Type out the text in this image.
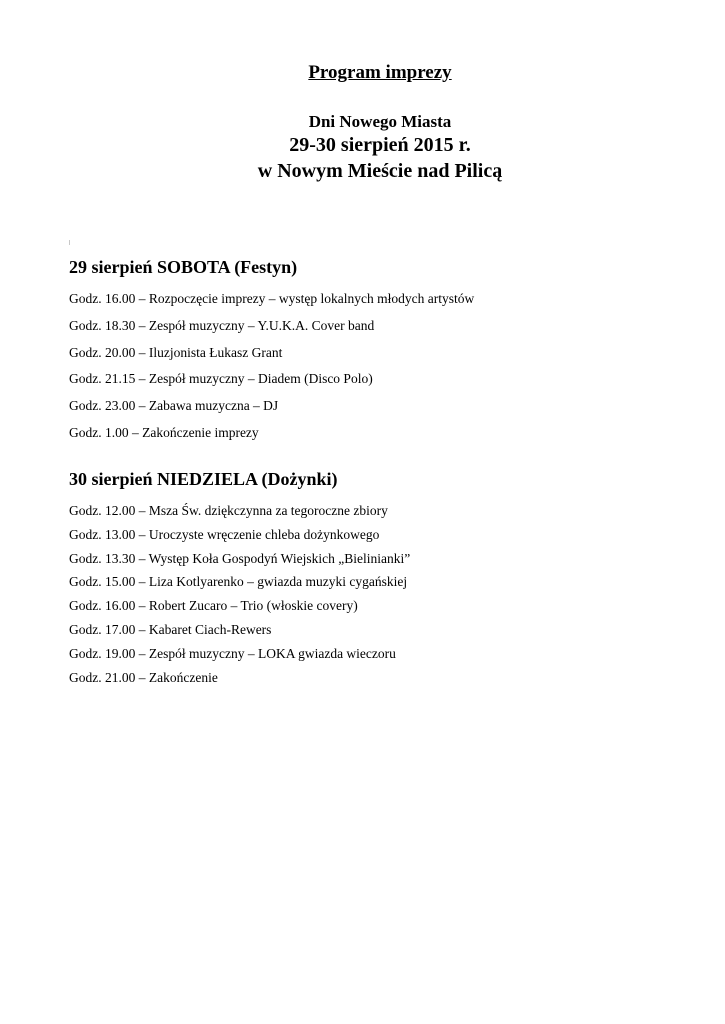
Program imprezy
Dni Nowego Miasta
29-30 sierpień 2015 r.
w Nowym Mieście nad Pilicą
29 sierpień SOBOTA (Festyn)
Godz. 16.00 – Rozpoczęcie imprezy – występ lokalnych młodych artystów
Godz. 18.30 – Zespół muzyczny – Y.U.K.A. Cover band
Godz. 20.00 – Iluzjonista Łukasz Grant
Godz. 21.15 – Zespół muzyczny – Diadem (Disco Polo)
Godz. 23.00 – Zabawa muzyczna – DJ
Godz. 1.00 – Zakończenie imprezy
30 sierpień NIEDZIELA (Dożynki)
Godz. 12.00 – Msza Św. dziękczynna za tegoroczne zbiory
Godz. 13.00 – Uroczyste wręczenie chleba dożynkowego
Godz. 13.30 – Występ Koła Gospodyń Wiejskich „Bielinianki”
Godz. 15.00 – Liza Kotlyarenko – gwiazda muzyki cygańskiej
Godz. 16.00 – Robert Zucaro – Trio (włoskie covery)
Godz. 17.00 – Kabaret Ciach-Rewers
Godz. 19.00 – Zespół muzyczny – LOKA gwiazda wieczoru
Godz. 21.00 – Zakończenie
